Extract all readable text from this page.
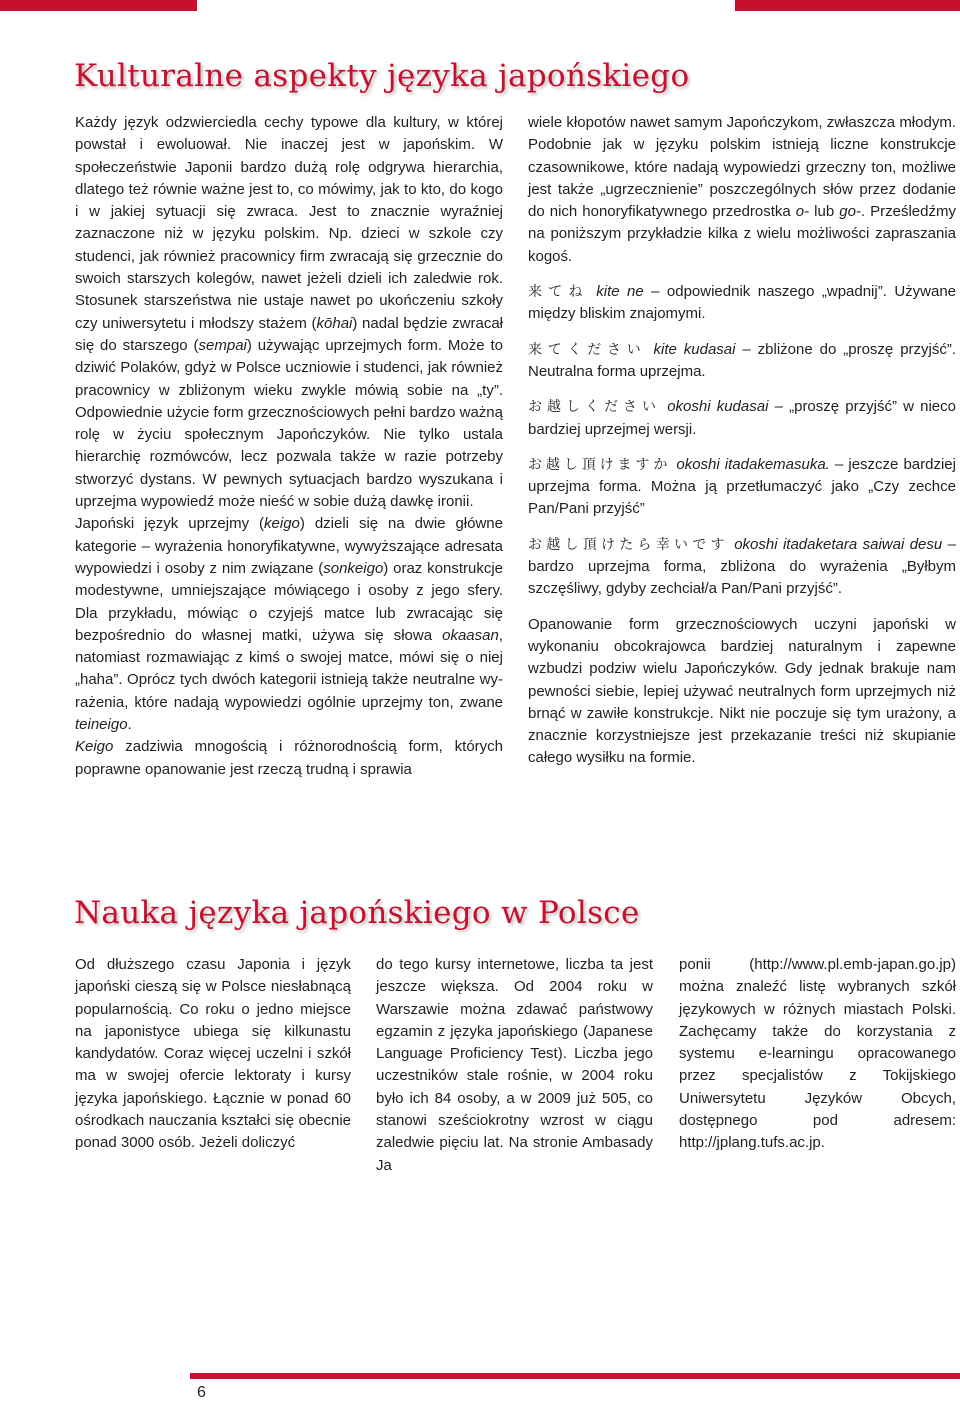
Kulturalne aspekty języka japońskiego

Każdy język odzwierciedla cechy typowe dla kultury, w której powstał i ewoluował. Nie inaczej jest w japońskim. W społeczeństwie Japonii bardzo dużą rolę odgrywa hierarchia, dlatego też równie ważne jest to, co mówimy, jak to kto, do kogo i w jakiej sytuacji się zwraca. Jest to znacznie wyraźniej zaznaczone niż w języku polskim. Np. dzieci w szkole czy studenci, jak również pracownicy firm zwracają się grzecznie do swoich starszych kolegów, nawet jeżeli dzieli ich zaledwie rok. Stosunek starszeństwa nie ustaje nawet po ukończeniu szkoły czy uniwersytetu i młodszy stażem (kōhai) nadal będzie zwracał się do starszego (sempai) używając uprzejmych form. Może to dziwić Polaków, gdyż w Polsce uczniowie i studenci, jak również pracownicy w zbliżonym wieku zwykle mówią sobie na „ty”. Odpowiednie użycie form grzecznościowych pełni bardzo ważną rolę w życiu społecznym Japończyków. Nie tylko ustala hierarchię rozmówców, lecz pozwala także w razie potrzeby stworzyć dystans. W pewnych sytuacjach bardzo wyszukana i uprzejma wypowiedź może nieść w sobie dużą dawkę ironii.

Japoński język uprzejmy (keigo) dzieli się na dwie główne kategorie – wyrażenia honoryfikatywne, wywyższające adresata wypowiedzi i osoby z nim związane (sonkeigo) oraz konstrukcje modestywne, umniejszające mówiącego i osoby z jego sfery. Dla przykładu, mówiąc o czyjejś matce lub zwracając się bezpośrednio do własnej matki, używa się słowa okaasan, natomiast rozmawiając z kimś o swojej matce, mówi się o niej „haha”. Oprócz tych dwóch kategorii istnieją także neutralne wyrażenia, które nadają wypowiedzi ogólnie uprzejmy ton, zwane teineigo.

Keigo zadziwia mnogością i różnorodnością form, których poprawne opanowanie jest rzeczą trudną i sprawia

wiele kłopotów nawet samym Japończykom, zwłaszcza młodym. Podobnie jak w języku polskim istnieją liczne konstrukcje czasownikowe, które nadają wypowiedzi grzeczny ton, możliwe jest także „ugrzecznienie” poszczególnych słów przez dodanie do nich honoryfikatywnego przedrostka o- lub go-. Prześledźmy na poniższym przykładzie kilka z wielu możliwości zapraszania kogoś.

来てね kite ne – odpowiednik naszego „wpadnij”. Używane między bliskim znajomymi.

来てください kite kudasai – zbliżone do „proszę przyjść”. Neutralna forma uprzejma.

お越しください okoshi kudasai – „proszę przyjść” w nieco bardziej uprzejmej wersji.

お越し頂けますか okoshi itadakemasuka. – jeszcze bardziej uprzejma forma. Można ją przetłumaczyć jako „Czy zechce Pan/Pani przyjść”

お越し頂けたら幸いです okoshi itadaketara saiwai desu – bardzo uprzejma forma, zbliżona do wyrażenia „Byłbym szczęśliwy, gdyby zechciał/a Pan/Pani przyjść”.

Opanowanie form grzecznościowych uczyni japoński w wykonaniu obcokrajowca bardziej naturalnym i zapewne wzbudzi podziw wielu Japończyków. Gdy jednak brakuje nam pewności siebie, lepiej używać neutralnych form uprzejmych niż brnąć w zawiłe konstrukcje. Nikt nie poczuje się tym urażony, a znacznie korzystniejsze jest przekazanie treści niż skupianie całego wysiłku na formie.

Nauka języka japońskiego w Polsce

Od dłuższego czasu Japonia i język japoński cieszą się w Polsce niesłabnącą popularnością. Co roku o jedno miejsce na japonistyce ubiega się kilkunastu kandydatów. Coraz więcej uczelni i szkół ma w swojej ofercie lektoraty i kursy języka japońskiego. Łącznie w ponad 60 ośrodkach nauczania kształci się obecnie ponad 3000 osób. Jeżeli doliczyć

do tego kursy internetowe, liczba ta jest jeszcze większa. Od 2004 roku w Warszawie można zdawać państwowy egzamin z języka japońskiego (Japanese Language Proficiency Test). Liczba jego uczestników stale rośnie, w 2004 roku było ich 84 osoby, a w 2009 już 505, co stanowi sześciokrotny wzrost w ciągu zaledwie pięciu lat. Na stronie Ambasady Ja

ponii (http://www.pl.emb-japan.go.jp) można znaleźć listę wybranych szkół językowych w różnych miastach Polski. Zachęcamy także do korzystania z systemu e-learningu opracowanego przez specjalistów z Tokijskiego Uniwersytetu Języków Obcych, dostępnego pod adresem: http://jplang.tufs.ac.jp.

6
